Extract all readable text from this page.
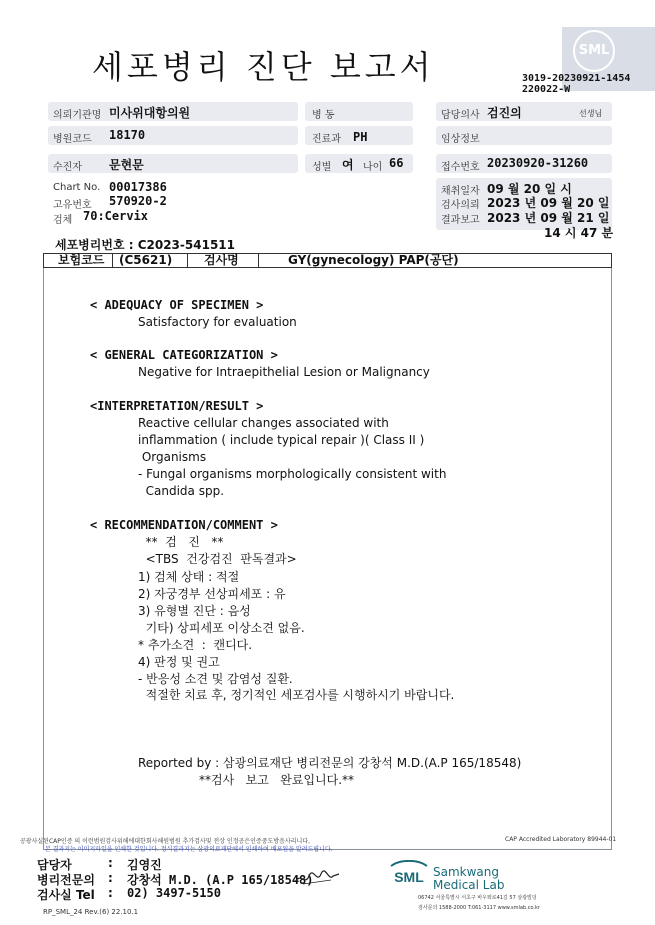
세포병리 진단 보고서	SML
3019-20230921-1454
220022-W
의뢰기관명 미사위대항의원	병 동	담당의사 검진의	선생님
병원코드 18170	진료과 PH	임상정보
수진자 문현문	성별 여 나이 66	접수번호 20230920-31260
Chart No. 00017386
고유번호 570920-2
검체 70:Cervix
채취일자 09 월 20 일 시
검사의뢰 2023 년 09 월 20 일
결과보고 2023 년 09 월 21 일
14 시 47 분
세포병리번호 : C2023-541511
보험코드 (C5621)	검사명	GY(gynecology) PAP(공단)
< ADEQUACY OF SPECIMEN >
Satisfactory for evaluation
< GENERAL CATEGORIZATION >
Negative for Intraepithelial Lesion or Malignancy
<INTERPRETATION/RESULT >
Reactive cellular changes associated with
inflammation ( include typical repair )( Class II )
Organisms
- Fungal organisms morphologically consistent with
Candida spp.
< RECOMMENDATION/COMMENT >
**  검   진   **
<TBS  건강검진  판독결과>
1) 검체 상태 : 적절
2) 자궁경부 선상피세포 : 유
3) 유형별 진단 : 음성
기타) 상피세포 이상소견 없음.
* 추가소견  :  캔디다.
4) 판정 및 권고
- 반응성 소견 및 감염성 질환.
적절한 치료 후, 정기적인 세포검사를 시행하시기 바랍니다.
Reported by : 삼광의료재단 병리전문의 강창석 M.D.(A.P 165/18548)
**검사   보고   완료입니다.**
공광사실된CAP인증 의 이런범원검사위해에대한회사해원범원 추가검사및 전상 인정공은인증중도방음사리니다.
본 결과지는 이미지파일을 인쇄한 것입니다. 정식결과지는 삼광의료재단에서 인쇄하여 배포됨을 알려드립니다.
CAP Accredited Laboratory 89944-01
담당자	: 김영진
병리전문의 : 강창석 M.D. (A.P 165/18548)
검사실 Tel : 02) 3497-5150
SML Samkwang
Medical Lab
06742 서울특별시 서초구 바우뫼로41길 57 삼광빌딩
검사문의 1588-2000 T:061-3117 www.smlab.co.kr
RP_SML_24 Rev.(6) 22.10.1
